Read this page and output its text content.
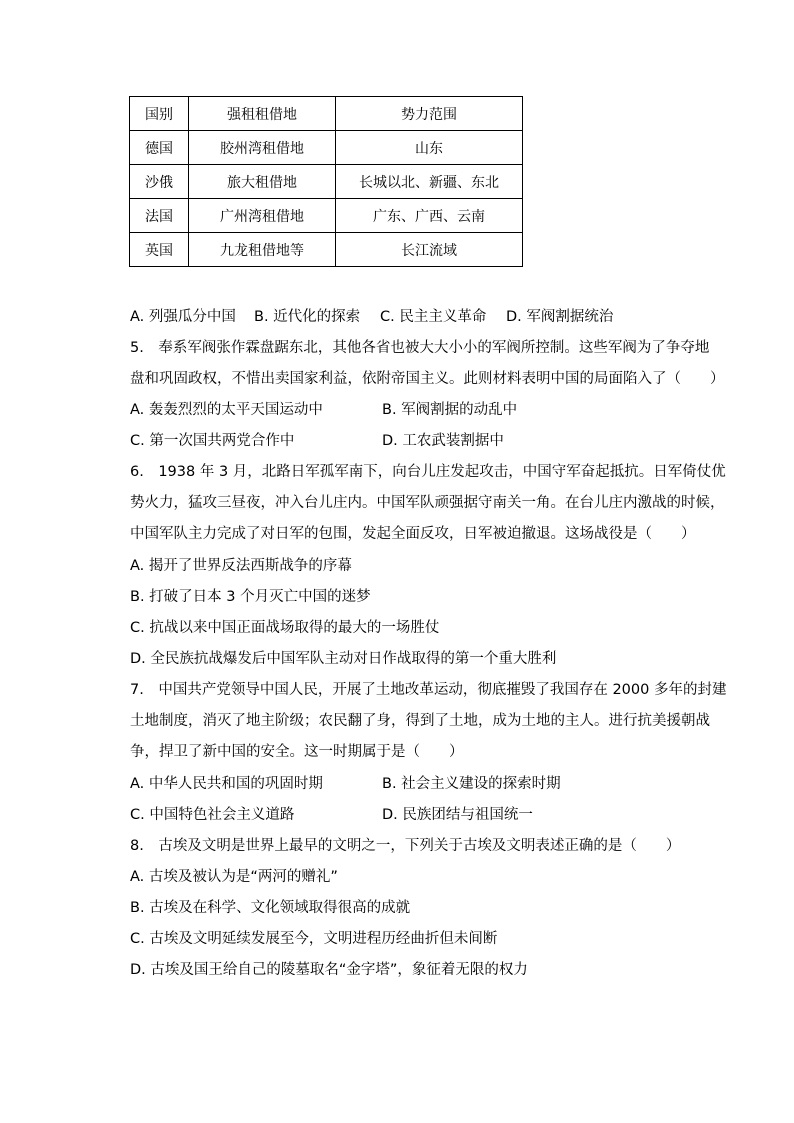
国别	强租租借地	势力范围
德国	胶州湾租借地	山东
沙俄	旅大租借地	长城以北、新疆、东北
法国	广州湾租借地	广东、广西、云南
英国	九龙租借地等	长江流域
A. 列强瓜分中国 B. 近代化的探索 C. 民主主义革命 D. 军阀割据统治
5.　奉系军阀张作霖盘踞东北，其他各省也被大大小小的军阀所控制。这些军阀为了争夺地
盘和巩固政权，不惜出卖国家利益，依附帝国主义。此则材料表明中国的局面陷入了（　　）
A. 轰轰烈烈的太平天国运动中	B. 军阀割据的动乱中
C. 第一次国共两党合作中	D. 工农武装割据中
6.　1938 年 3 月，北路日军孤军南下，向台儿庄发起攻击，中国守军奋起抵抗。日军倚仗优
势火力，猛攻三昼夜，冲入台儿庄内。中国军队顽强据守南关一角。在台儿庄内激战的时候，
中国军队主力完成了对日军的包围，发起全面反攻，日军被迫撤退。这场战役是（　　）
A. 揭开了世界反法西斯战争的序幕
B. 打破了日本 3 个月灭亡中国的迷梦
C. 抗战以来中国正面战场取得的最大的一场胜仗
D. 全民族抗战爆发后中国军队主动对日作战取得的第一个重大胜利
7.　中国共产党领导中国人民，开展了土地改革运动，彻底摧毁了我国存在 2000 多年的封建
土地制度，消灭了地主阶级；农民翻了身，得到了土地，成为土地的主人。进行抗美援朝战
争，捍卫了新中国的安全。这一时期属于是（　　）
A. 中华人民共和国的巩固时期	B. 社会主义建设的探索时期
C. 中国特色社会主义道路	D. 民族团结与祖国统一
8.　古埃及文明是世界上最早的文明之一，下列关于古埃及文明表述正确的是（　　）
A. 古埃及被认为是“两河的赠礼”
B. 古埃及在科学、文化领域取得很高的成就
C. 古埃及文明延续发展至今，文明进程历经曲折但未间断
D. 古埃及国王给自己的陵墓取名“金字塔”，象征着无限的权力
